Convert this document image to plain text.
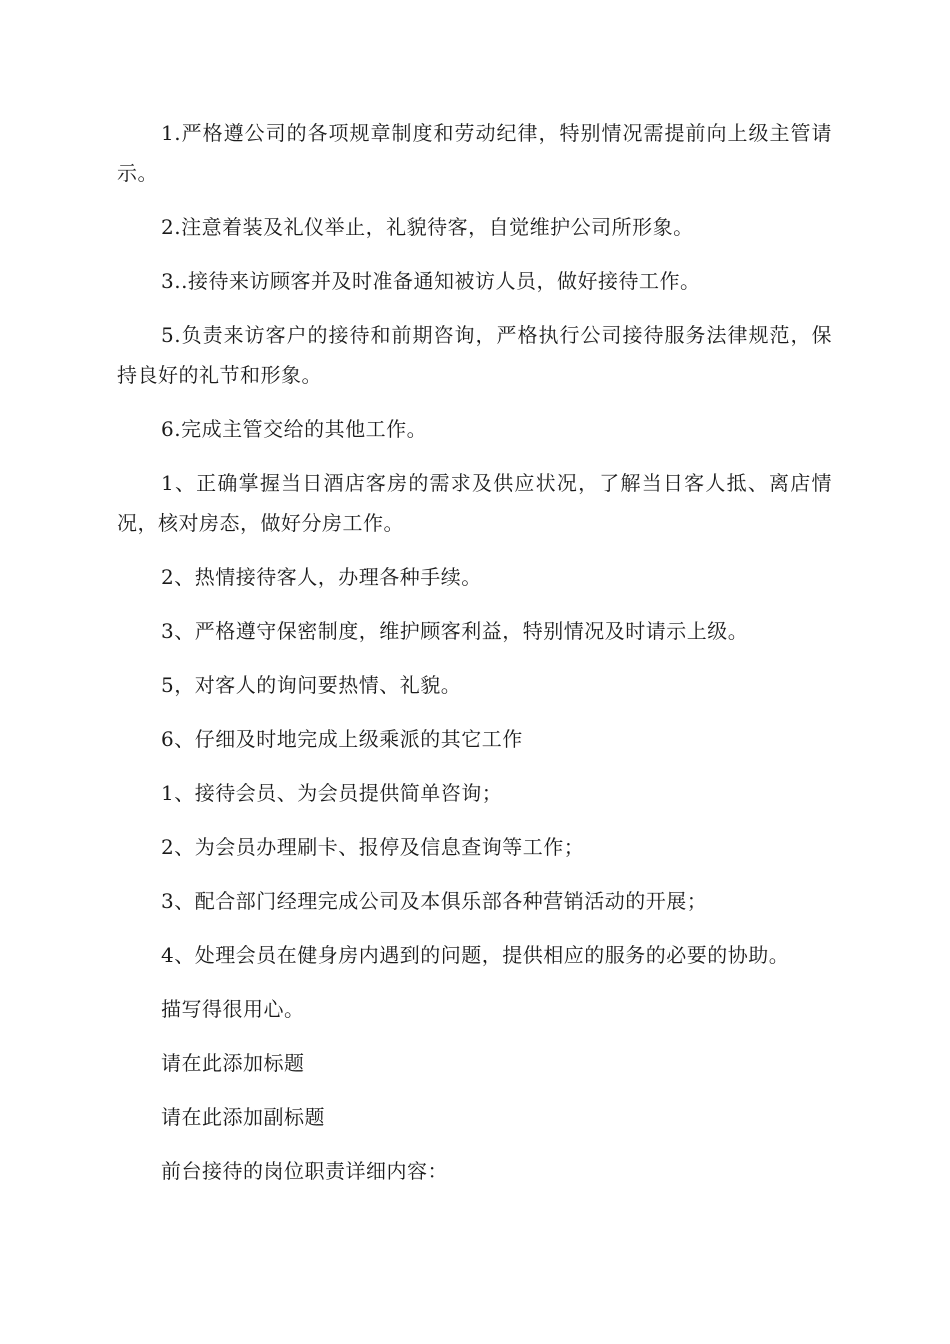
1.严格遵公司的各项规章制度和劳动纪律，特别情况需提前向上级主管请示。

2.注意着装及礼仪举止，礼貌待客，自觉维护公司所形象。

3..接待来访顾客并及时准备通知被访人员，做好接待工作。

5.负责来访客户的接待和前期咨询，严格执行公司接待服务法律规范，保持良好的礼节和形象。

6.完成主管交给的其他工作。

1、正确掌握当日酒店客房的需求及供应状况，了解当日客人抵、离店情况，核对房态，做好分房工作。

2、热情接待客人，办理各种手续。

3、严格遵守保密制度，维护顾客利益，特别情况及时请示上级。

5，对客人的询问要热情、礼貌。

6、仔细及时地完成上级乘派的其它工作

1、接待会员、为会员提供简单咨询；

2、为会员办理刷卡、报停及信息查询等工作；

3、配合部门经理完成公司及本俱乐部各种营销活动的开展；

4、处理会员在健身房内遇到的问题，提供相应的服务的必要的协助。

描写得很用心。

请在此添加标题

请在此添加副标题

前台接待的岗位职责详细内容：
